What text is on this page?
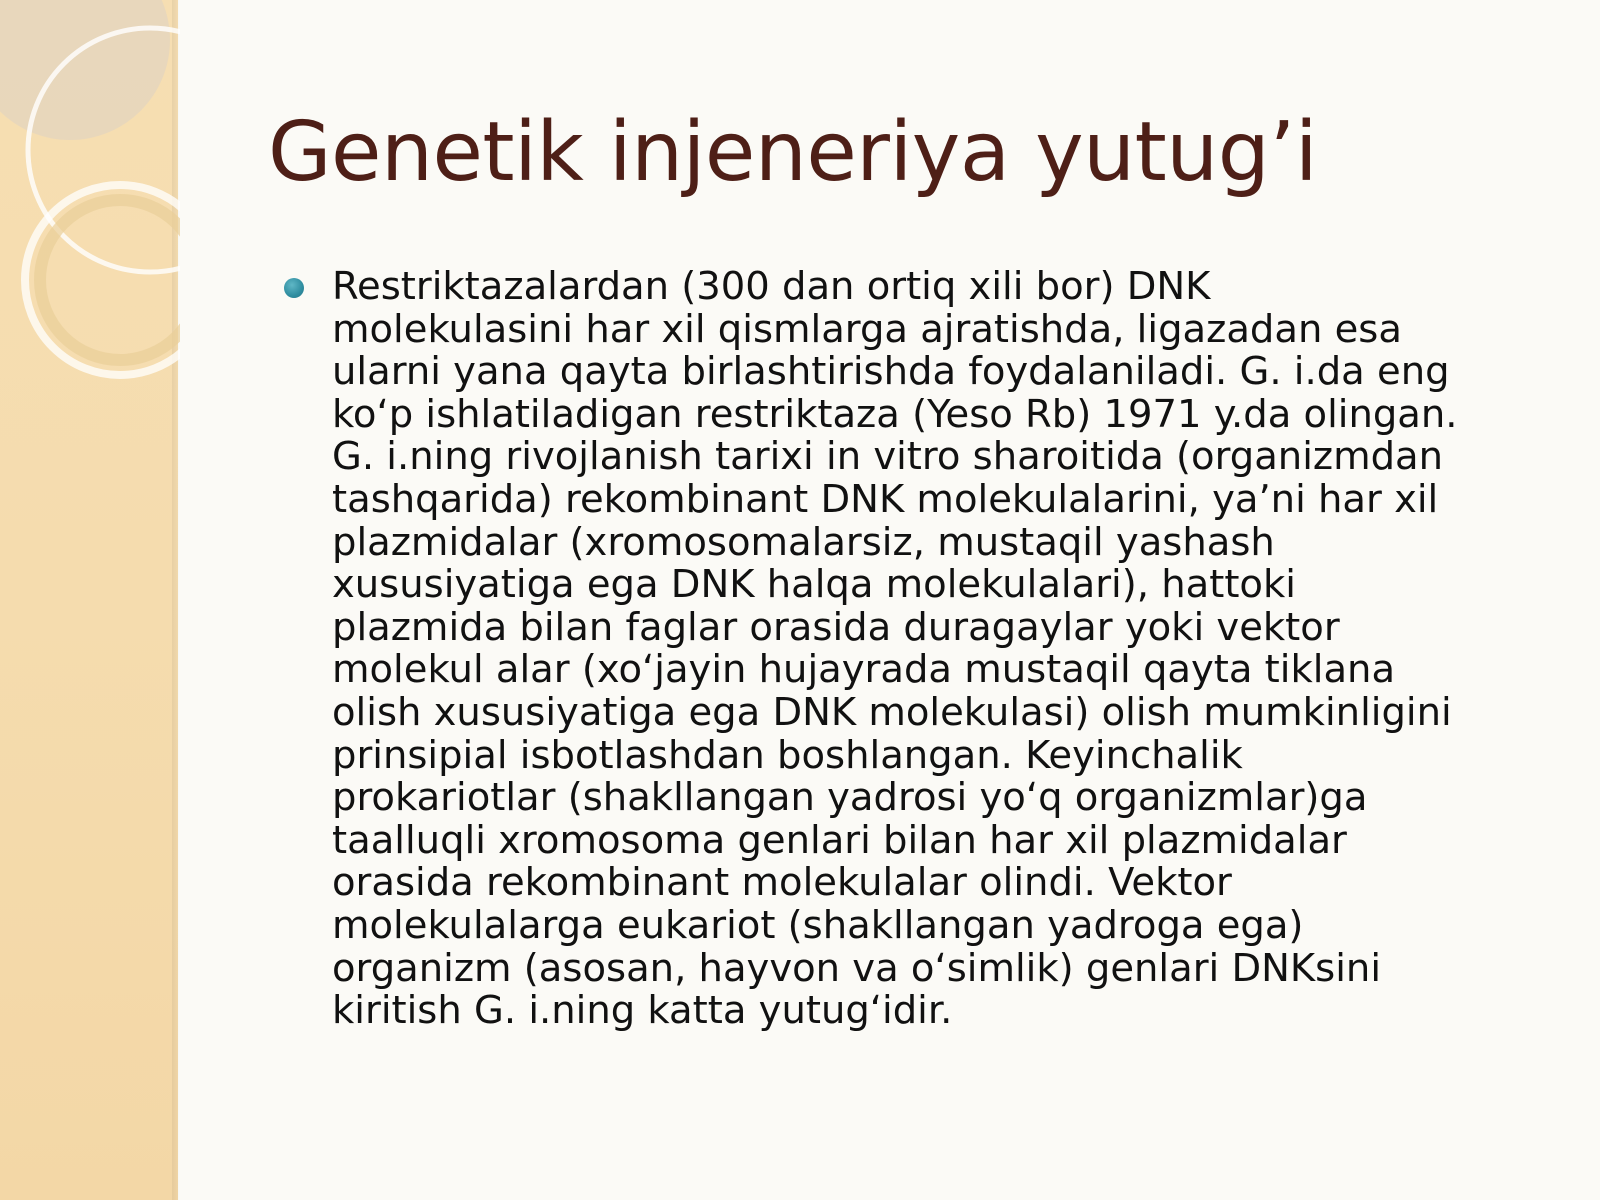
Genetik injeneriya yutug’i

Restriktazalardan (300 dan ortiq xili bor) DNK
molekulasini har xil qismlarga ajratishda, ligazadan esa
ularni yana qayta birlashtirishda foydalaniladi. G. i.da eng
ko‘p ishlatiladigan restriktaza (Yeso Rb) 1971 y.da olingan.
G. i.ning rivojlanish tarixi in vitro sharoitida (organizmdan
tashqarida) rekombinant DNK molekulalarini, ya’ni har xil
plazmidalar (xromosomalarsiz, mustaqil yashash
xususiyatiga ega DNK halqa molekulalari), hattoki
plazmida bilan faglar orasida duragaylar yoki vektor
molekul alar (xo‘jayin hujayrada mustaqil qayta tiklana
olish xususiyatiga ega DNK molekulasi) olish mumkinligini
prinsipial isbotlashdan boshlangan. Keyinchalik
prokariotlar (shakllangan yadrosi yo‘q organizmlar)ga
taalluqli xromosoma genlari bilan har xil plazmidalar
orasida rekombinant molekulalar olindi. Vektor
molekulalarga eukariot (shakllangan yadroga ega)
organizm (asosan, hayvon va o‘simlik) genlari DNKsini
kiritish G. i.ning katta yutug‘idir.
